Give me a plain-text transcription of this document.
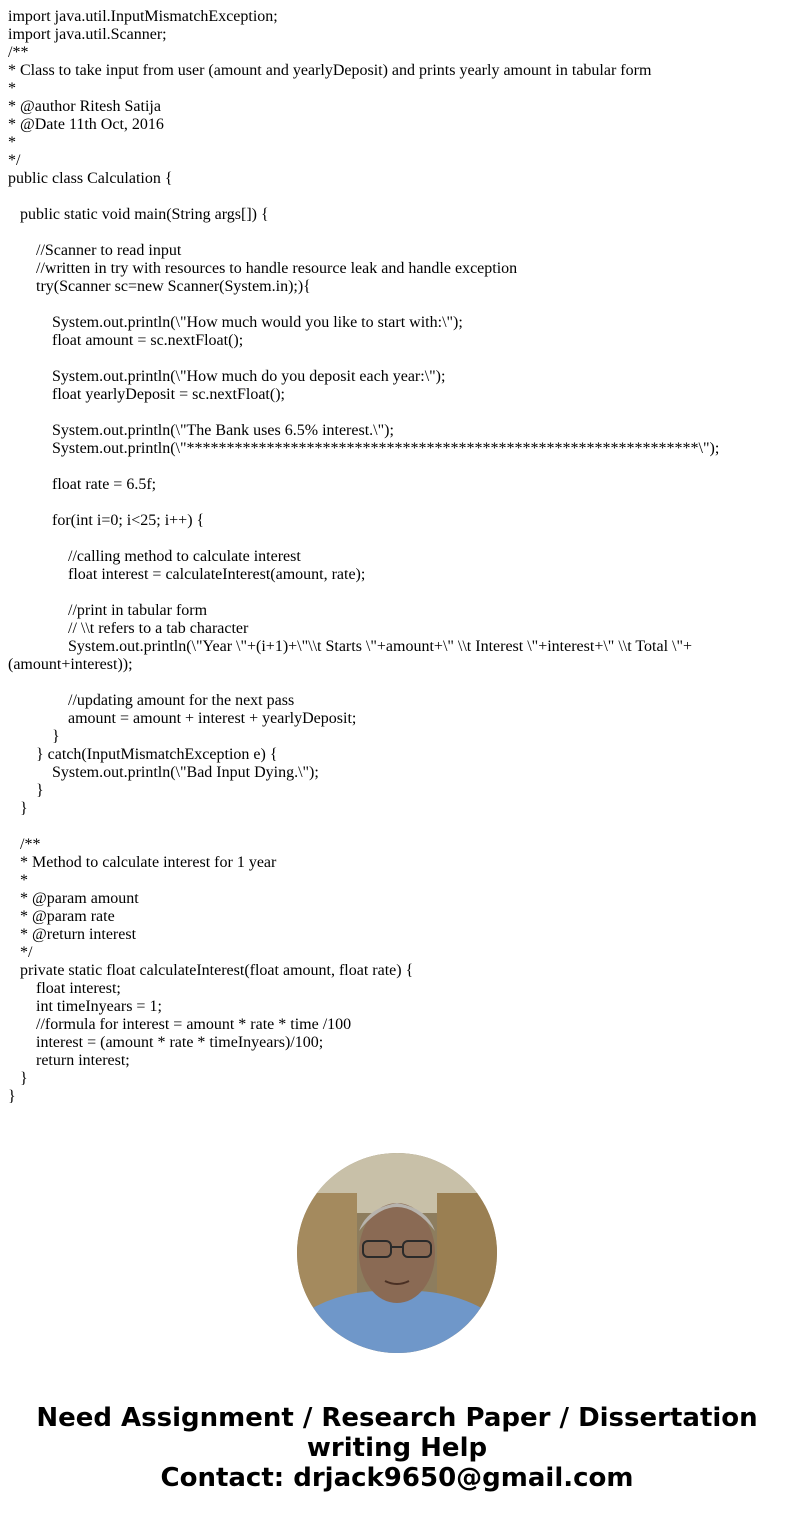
import java.util.InputMismatchException;
import java.util.Scanner;
/**
* Class to take input from user (amount and yearlyDeposit) and prints yearly amount in tabular form
*
* @author Ritesh Satija
* @Date 11th Oct, 2016
*
*/
public class Calculation {
public static void main(String args[]) {
//Scanner to read input
//written in try with resources to handle resource leak and handle exception
try(Scanner sc=new Scanner(System.in);){
System.out.println(\"How much would you like to start with:\");
float amount = sc.nextFloat();
System.out.println(\"How much do you deposit each year:\");
float yearlyDeposit = sc.nextFloat();
System.out.println(\"The Bank uses 6.5% interest.\");
System.out.println(\"****************************************************************\");
float rate = 6.5f;
for(int i=0; i<25; i++) {
//calling method to calculate interest
float interest = calculateInterest(amount, rate);
//print in tabular form
// \\t refers to a tab character
System.out.println(\"Year \"+(i+1)+\"\\t Starts \"+amount+\" \\t Interest \"+interest+\" \\t Total \"+
(amount+interest));
//updating amount for the next pass
amount = amount + interest + yearlyDeposit;
}
} catch(InputMismatchException e) {
System.out.println(\"Bad Input Dying.\");
}
}
/**
* Method to calculate interest for 1 year
*
* @param amount
* @param rate
* @return interest
*/
private static float calculateInterest(float amount, float rate) {
float interest;
int timeInyears = 1;
//formula for interest = amount * rate * time /100
interest = (amount * rate * timeInyears)/100;
return interest;
}
}
Need Assignment / Research Paper / Dissertation
writing Help
Contact: drjack9650@gmail.com
